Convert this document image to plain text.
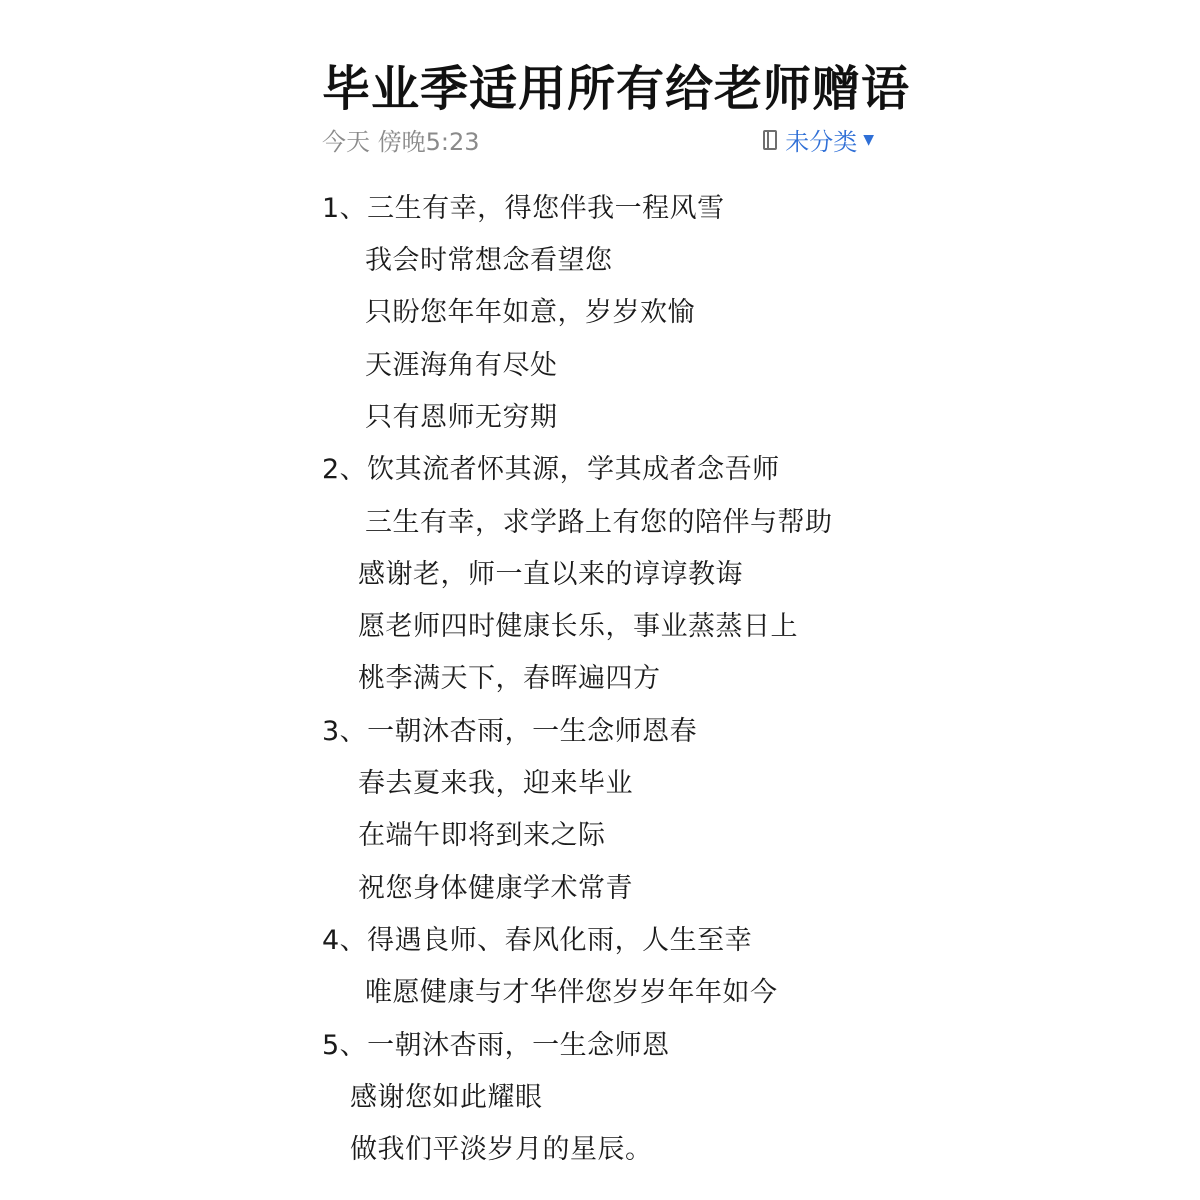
毕业季适用所有给老师赠语
今天 傍晚5:23	未分类 ▼
1、三生有幸，得您伴我一程风雪
我会时常想念看望您
只盼您年年如意，岁岁欢愉
天涯海角有尽处
只有恩师无穷期
2、饮其流者怀其源，学其成者念吾师
三生有幸，求学路上有您的陪伴与帮助
感谢老，师一直以来的谆谆教诲
愿老师四时健康长乐，事业蒸蒸日上
桃李满天下，春晖遍四方
3、一朝沐杏雨，一生念师恩春
春去夏来我，迎来毕业
在端午即将到来之际
祝您身体健康学术常青
4、得遇良师、春风化雨，人生至幸
唯愿健康与才华伴您岁岁年年如今
5、一朝沐杏雨，一生念师恩
感谢您如此耀眼
做我们平淡岁月的星辰。
